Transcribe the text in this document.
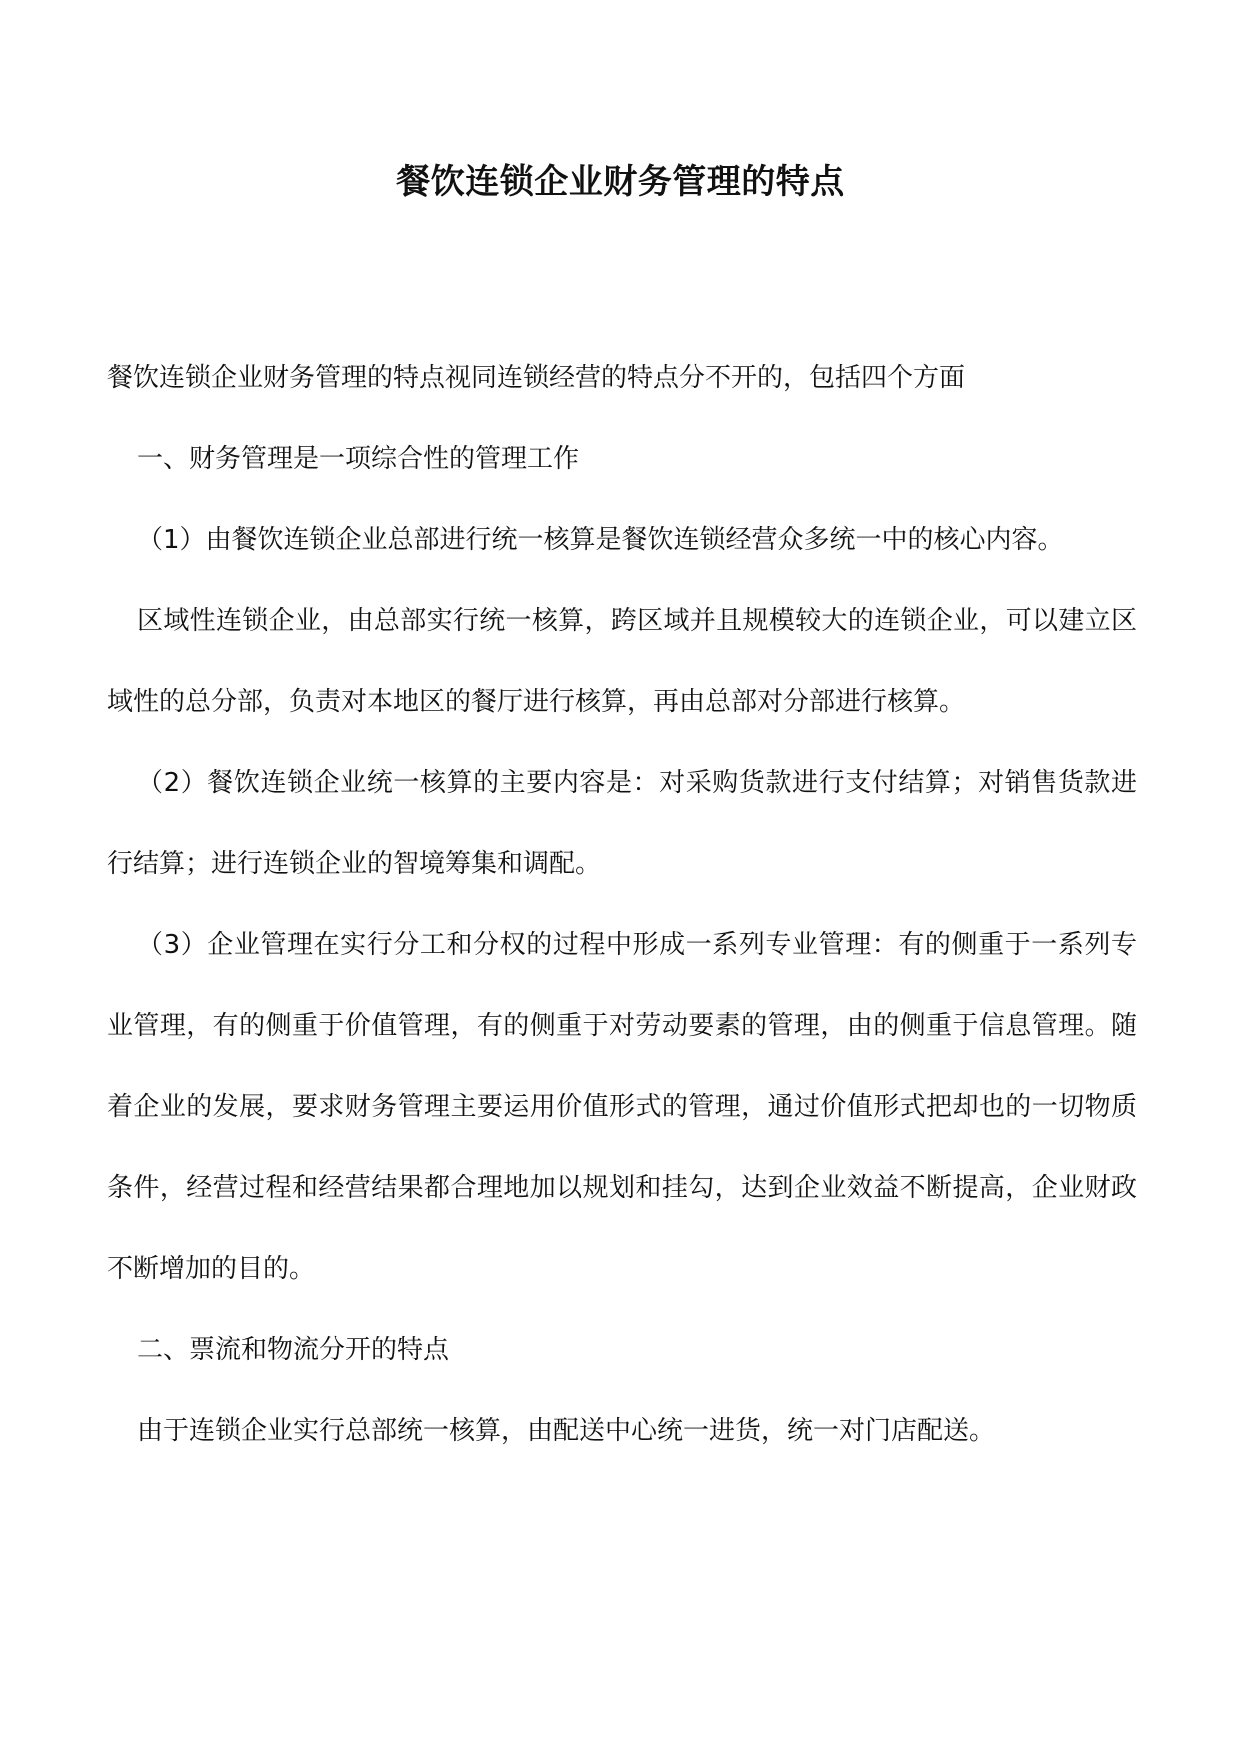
餐饮连锁企业财务管理的特点

餐饮连锁企业财务管理的特点视同连锁经营的特点分不开的，包括四个方面

一、财务管理是一项综合性的管理工作

（1）由餐饮连锁企业总部进行统一核算是餐饮连锁经营众多统一中的核心内容。

区域性连锁企业，由总部实行统一核算，跨区域并且规模较大的连锁企业，可以建立区域性的总分部，负责对本地区的餐厅进行核算，再由总部对分部进行核算。

（2）餐饮连锁企业统一核算的主要内容是：对采购货款进行支付结算；对销售货款进行结算；进行连锁企业的智境筹集和调配。

（3）企业管理在实行分工和分权的过程中形成一系列专业管理：有的侧重于一系列专业管理，有的侧重于价值管理，有的侧重于对劳动要素的管理，由的侧重于信息管理。随着企业的发展，要求财务管理主要运用价值形式的管理，通过价值形式把却也的一切物质条件，经营过程和经营结果都合理地加以规划和挂勾，达到企业效益不断提高，企业财政不断增加的目的。

二、票流和物流分开的特点

由于连锁企业实行总部统一核算，由配送中心统一进货，统一对门店配送。
